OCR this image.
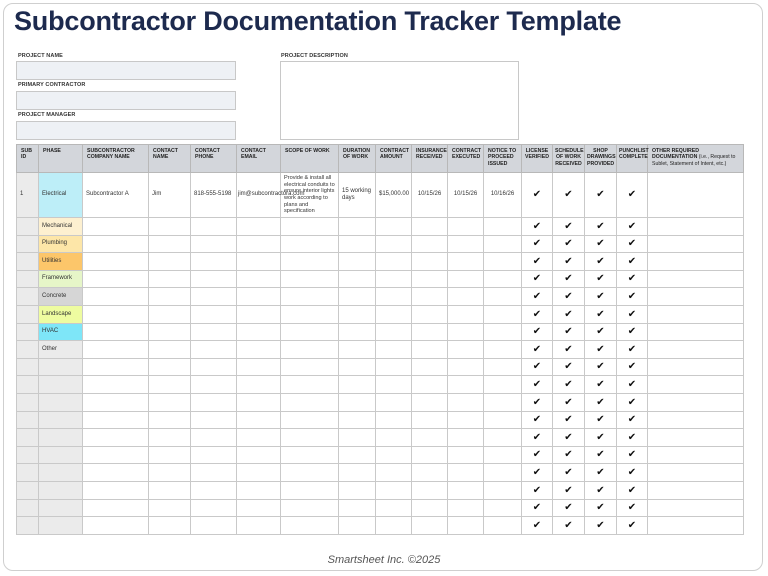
Subcontractor Documentation Tracker Template
PROJECT NAME
PRIMARY CONTRACTOR
PROJECT MANAGER
PROJECT DESCRIPTION
SUB ID	PHASE	SUBCONTRACTOR COMPANY NAME	CONTACT NAME	CONTACT PHONE	CONTACT EMAIL	SCOPE OF WORK	DURATION OF WORK	CONTRACT AMOUNT	INSURANCE RECEIVED	CONTRACT EXECUTED	NOTICE TO PROCEED ISSUED	LICENSE VERIFIED	SCHEDULE OF WORK RECEIVED	SHOP DRAWINGS PROVIDED	PUNCHLIST COMPLETE	OTHER REQUIRED DOCUMENTATION (i.e., Request to Sublet, Statement of Intent, etc.)
1	Electrical	Subcontractor A	Jim	818-555-5198	jim@subcontractora.com	Provide & install all electrical conduits to ensure interior lights work according to plans and specification	15 working days	$15,000.00	10/15/26	10/15/26	10/16/26	✔	✔	✔	✔	
	Mechanical											✔	✔	✔	✔	
	Plumbing											✔	✔	✔	✔	
	Utilities											✔	✔	✔	✔	
	Framework											✔	✔	✔	✔	
	Concrete											✔	✔	✔	✔	
	Landscape											✔	✔	✔	✔	
	HVAC											✔	✔	✔	✔	
	Other											✔	✔	✔	✔	
												✔	✔	✔	✔	
												✔	✔	✔	✔	
												✔	✔	✔	✔	
												✔	✔	✔	✔	
												✔	✔	✔	✔	
												✔	✔	✔	✔	
												✔	✔	✔	✔	
												✔	✔	✔	✔	
												✔	✔	✔	✔	
												✔	✔	✔	✔	
Smartsheet Inc. ©2025
